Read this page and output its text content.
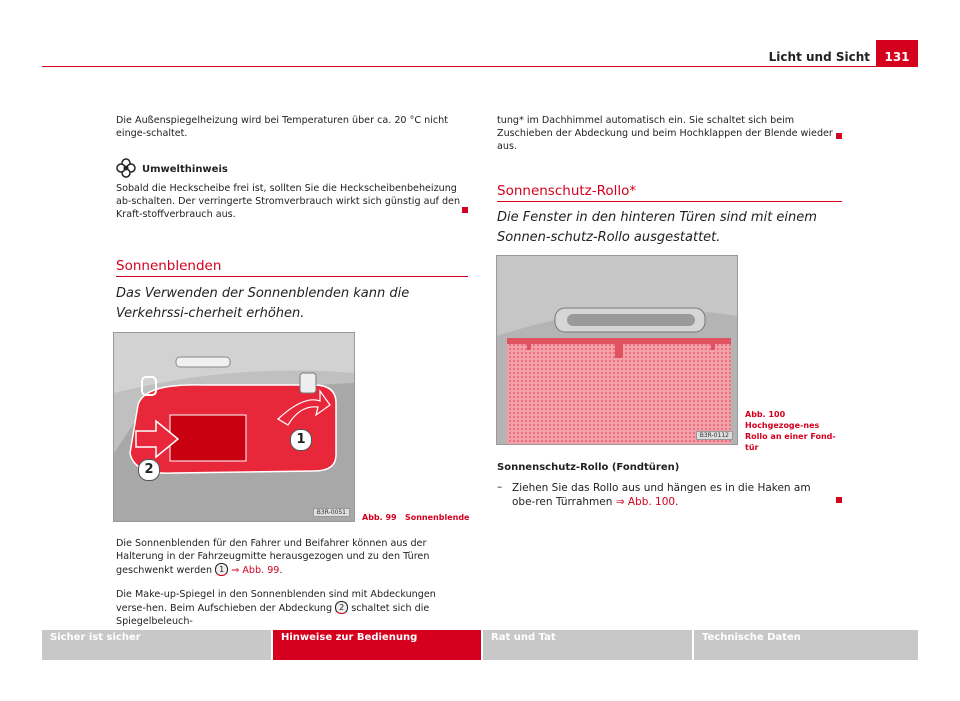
Licht und Sicht	131
Die Außenspiegelheizung wird bei Temperaturen über ca. 20 °C nicht einge-schaltet.
Umwelthinweis
Sobald die Heckscheibe frei ist, sollten Sie die Heckscheibenbeheizung ab-schalten. Der verringerte Stromverbrauch wirkt sich günstig auf den Kraft-stoffverbrauch aus.
Sonnenblenden
Das Verwenden der Sonnenblenden kann die Verkehrssi-cherheit erhöhen.
1
2
B3R-0051
Abb. 99 Sonnenblende
Die Sonnenblenden für den Fahrer und Beifahrer können aus der Halterung in der Fahrzeugmitte herausgezogen und zu den Türen geschwenkt werden 1 ⇒ Abb. 99.
Die Make-up-Spiegel in den Sonnenblenden sind mit Abdeckungen verse-hen. Beim Aufschieben der Abdeckung 2 schaltet sich die Spiegelbeleuch-
tung* im Dachhimmel automatisch ein. Sie schaltet sich beim Zuschieben der Abdeckung und beim Hochklappen der Blende wieder aus.
Sonnenschutz-Rollo*
Die Fenster in den hinteren Türen sind mit einem Sonnen-schutz-Rollo ausgestattet.
B3R-0112
Abb. 100   Hochgezoge-nes Rollo an einer Fond-tür
Sonnenschutz-Rollo (Fondtüren)
– Ziehen Sie das Rollo aus und hängen es in die Haken am obe-ren Türrahmen ⇒ Abb. 100.
Sicher ist sicher	Hinweise zur Bedienung	Rat und Tat	Technische Daten
